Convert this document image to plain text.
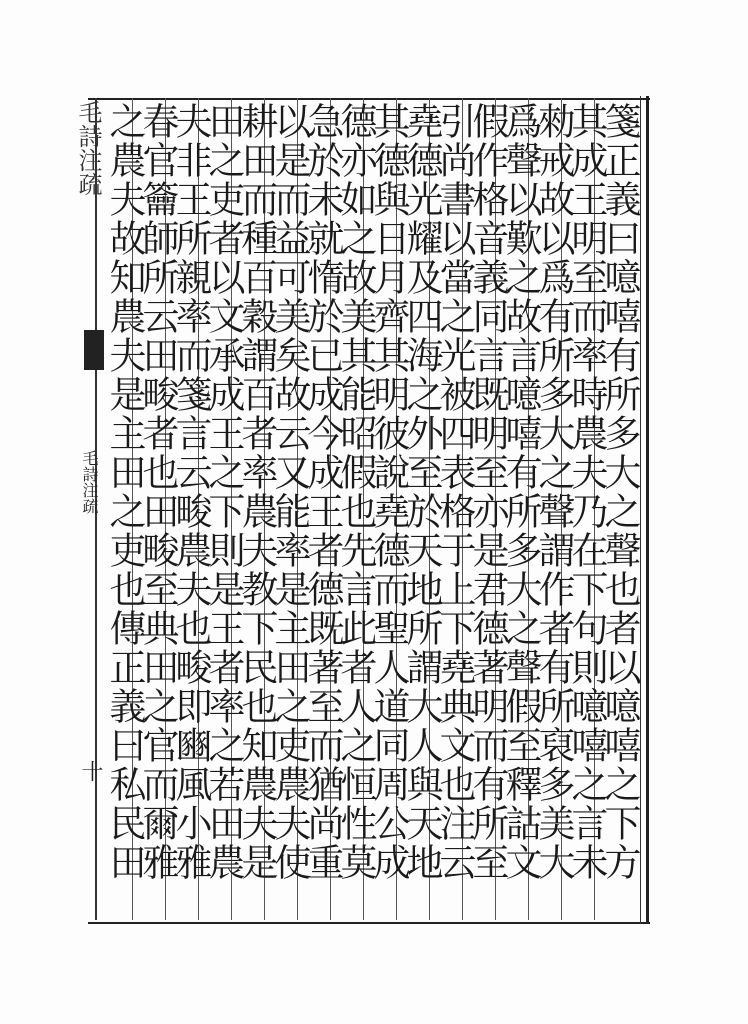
毛詩注疏
毛詩注疏
十
箋正義曰噫嘻有所多大之聲也者以噫嘻之下方
其成王明至而率時農夫乃在下句則噫嘻之言未
勑戒故以爲有所多大之聲謂作者有所裒多美大
爲聲以歎之故言噫嘻有所多大之聲假至釋詁文
假作格音義同言既明至亦是君德著明而有所至
引尚書以當之光被四表格于上下堯典文也注云
堯德光耀及四海之外至於天地所謂大人與天地
其德與日月齊其明彼說堯德而聖人道同周公成
德亦如之故美其能昭假也先言此者人之恒性莫
急於未就惰於已成今成王者德既著至而猶尚重
以是而益可美矣故云又能率是主田之吏農夫使
耕田而種百穀謂百者率農夫教下民也知農夫是
田之吏者以文承成王之下則是王者率之若田農
夫非王所親率而箋言云畯農夫也畯即豳風小雅
春官籥師所云田畯者也田畯至典田之官而爾雅
之農夫故知農夫是主田之吏也傳正義曰私民田
